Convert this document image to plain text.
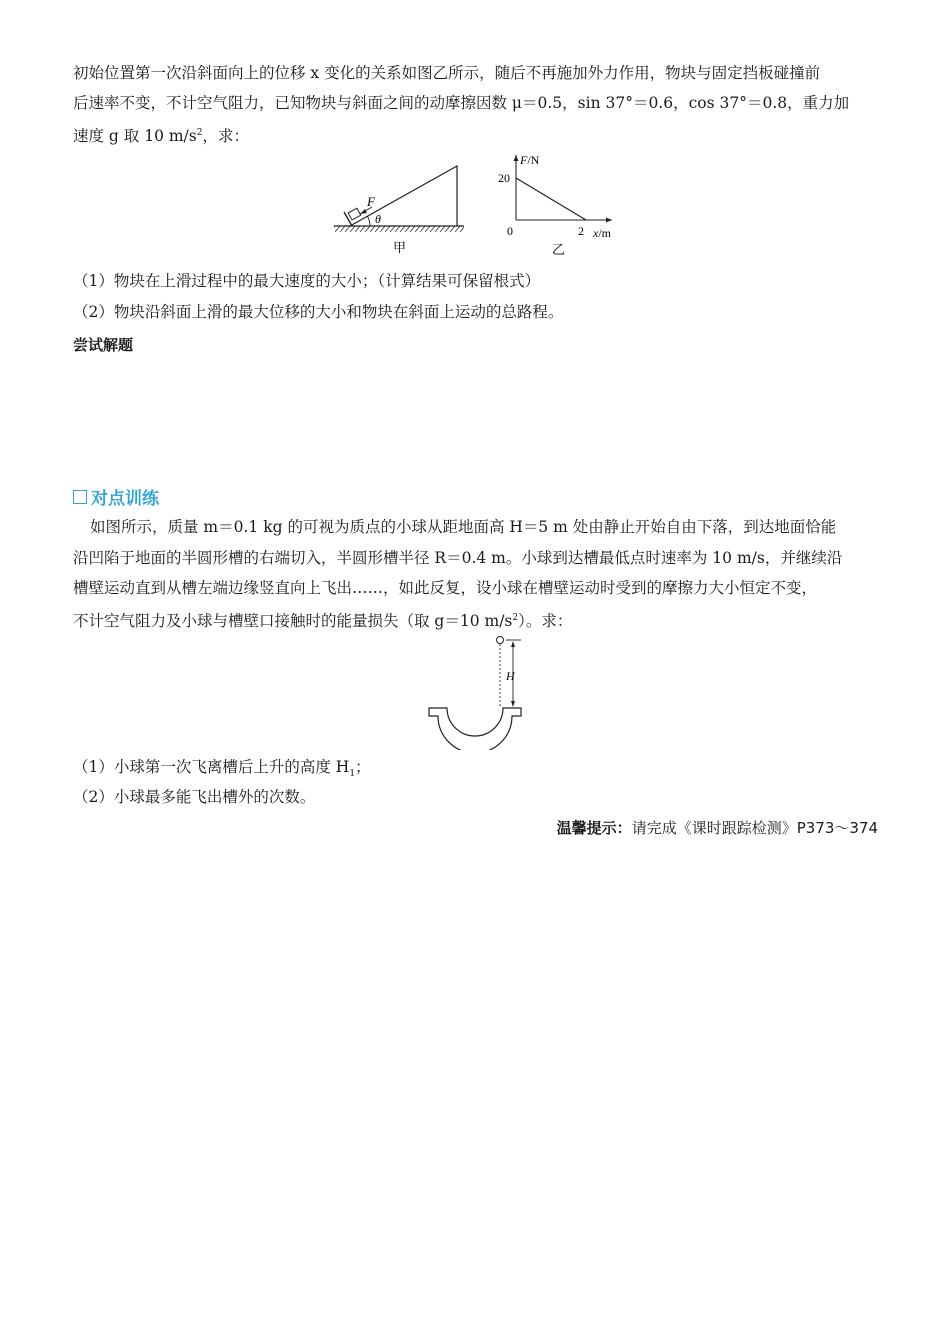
初始位置第一次沿斜面向上的位移 x 变化的关系如图乙所示，随后不再施加外力作用，物块与固定挡板碰撞前
后速率不变，不计空气阻力，已知物块与斜面之间的动摩擦因数 μ＝0.5，sin 37°＝0.6，cos 37°＝0.8，重力加
速度 g 取 10 $m/s^2$，求：
F
θ
甲
F/N
x/m
20
0	2
乙
（1）物块在上滑过程中的最大速度的大小；（计算结果可保留根式）
（2）物块沿斜面上滑的最大位移的大小和物块在斜面上运动的总路程。
尝试解题
对点训练
如图所示，质量 m＝0.1 kg 的可视为质点的小球从距地面高 H＝5 m 处由静止开始自由下落，到达地面恰能
沿凹陷于地面的半圆形槽的右端切入，半圆形槽半径 R＝0.4 m。小球到达槽最低点时速率为 10 m/s，并继续沿
槽壁运动直到从槽左端边缘竖直向上飞出……，如此反复，设小球在槽壁运动时受到的摩擦力大小恒定不变，
不计空气阻力及小球与槽壁口接触时的能量损失（取 g＝10 $m/s^2$）。求：
H
（1）小球第一次飞离槽后上升的高度 $H_1$；
（2）小球最多能飞出槽外的次数。
温馨提示：请完成《课时跟踪检测》P373～374
